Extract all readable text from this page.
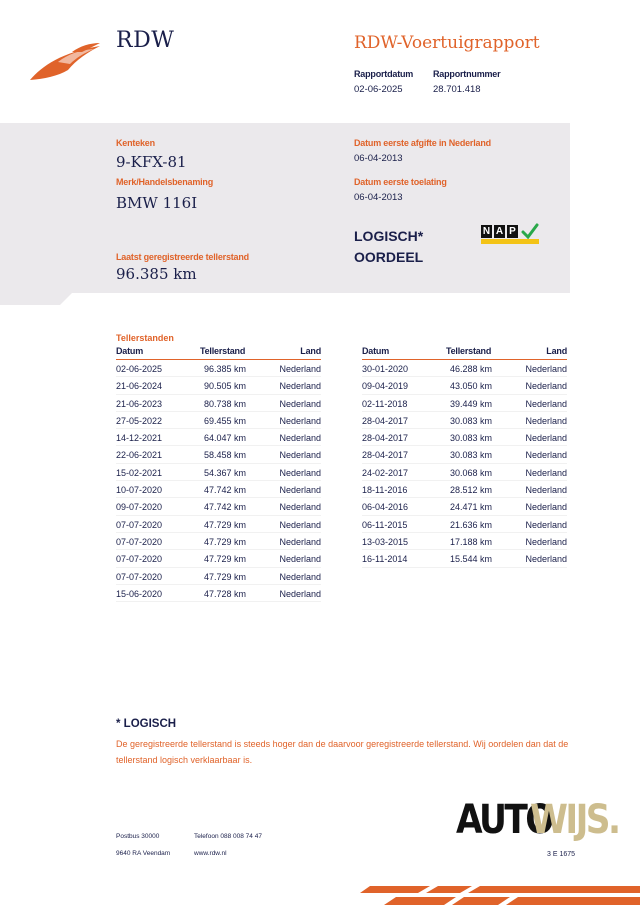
RDW	RDW-Voertuigrapport
Rapportdatum
02-06-2025
Rapportnummer
28.701.418
Kenteken
9-KFX-81
Merk/Handelsbenaming
BMW 116I
Laatst geregistreerde tellerstand
96.385 km
Datum eerste afgifte in Nederland
06-04-2013
Datum eerste toelating
06-04-2013
LOGISCH*
OORDEEL
N A P
Tellerstanden
Datum	Tellerstand	Land
02-06-2025	96.385 km	Nederland
21-06-2024	90.505 km	Nederland
21-06-2023	80.738 km	Nederland
27-05-2022	69.455 km	Nederland
14-12-2021	64.047 km	Nederland
22-06-2021	58.458 km	Nederland
15-02-2021	54.367 km	Nederland
10-07-2020	47.742 km	Nederland
09-07-2020	47.742 km	Nederland
07-07-2020	47.729 km	Nederland
07-07-2020	47.729 km	Nederland
07-07-2020	47.729 km	Nederland
07-07-2020	47.729 km	Nederland
15-06-2020	47.728 km	Nederland
Datum	Tellerstand	Land
30-01-2020	46.288 km	Nederland
09-04-2019	43.050 km	Nederland
02-11-2018	39.449 km	Nederland
28-04-2017	30.083 km	Nederland
28-04-2017	30.083 km	Nederland
28-04-2017	30.083 km	Nederland
24-02-2017	30.068 km	Nederland
18-11-2016	28.512 km	Nederland
06-04-2016	24.471 km	Nederland
06-11-2015	21.636 km	Nederland
13-03-2015	17.188 km	Nederland
16-11-2014	15.544 km	Nederland
* LOGISCH
De geregistreerde tellerstand is steeds hoger dan de daarvoor geregistreerde tellerstand. Wij oordelen dan dat de tellerstand logisch verklaarbaar is.
Postbus 30000
9640 RA Veendam
Telefoon 088 008 74 47
www.rdw.nl
AUTO
WIJS.
3 E 1675
